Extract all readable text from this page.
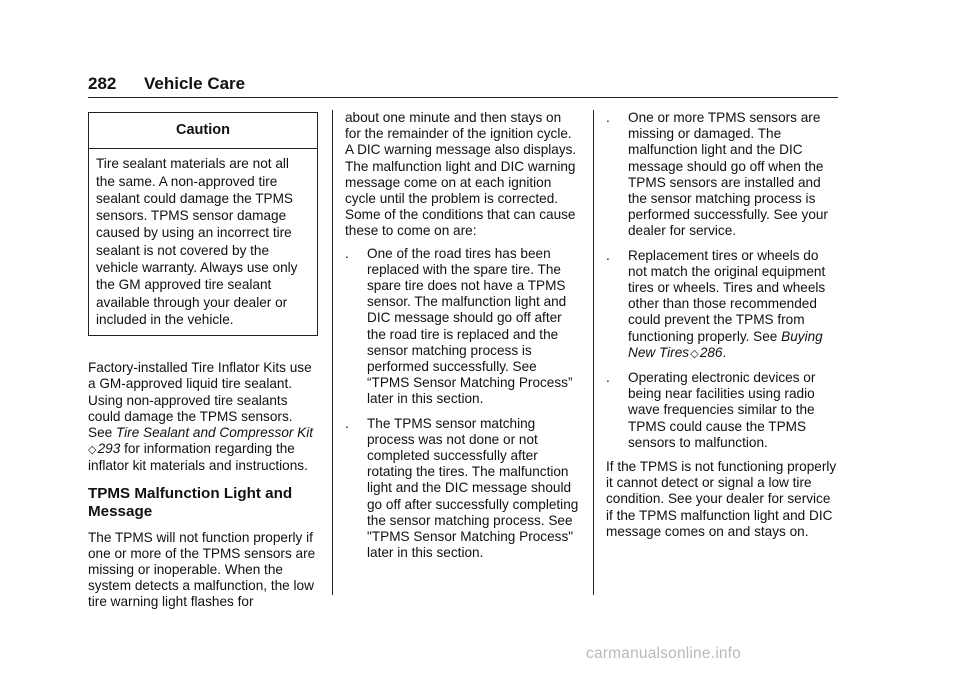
282 Vehicle Care
Caution
Tire sealant materials are not all the same. A non-approved tire sealant could damage the TPMS sensors. TPMS sensor damage caused by using an incorrect tire sealant is not covered by the vehicle warranty. Always use only the GM approved tire sealant available through your dealer or included in the vehicle.

Factory-installed Tire Inflator Kits use a GM-approved liquid tire sealant. Using non-approved tire sealants could damage the TPMS sensors. See Tire Sealant and Compressor Kit ◇ 293 for information regarding the inflator kit materials and instructions.

TPMS Malfunction Light and Message

The TPMS will not function properly if one or more of the TPMS sensors are missing or inoperable. When the system detects a malfunction, the low tire warning light flashes for

about one minute and then stays on for the remainder of the ignition cycle. A DIC warning message also displays. The malfunction light and DIC warning message come on at each ignition cycle until the problem is corrected. Some of the conditions that can cause these to come on are:

. One of the road tires has been replaced with the spare tire. The spare tire does not have a TPMS sensor. The malfunction light and DIC message should go off after the road tire is replaced and the sensor matching process is performed successfully. See “TPMS Sensor Matching Process” later in this section.
. The TPMS sensor matching process was not done or not completed successfully after rotating the tires. The malfunction light and the DIC message should go off after successfully completing the sensor matching process. See "TPMS Sensor Matching Process" later in this section.
. One or more TPMS sensors are missing or damaged. The malfunction light and the DIC message should go off when the TPMS sensors are installed and the sensor matching process is performed successfully. See your dealer for service.
. Replacement tires or wheels do not match the original equipment tires or wheels. Tires and wheels other than those recommended could prevent the TPMS from functioning properly. See Buying New Tires ◇ 286.
. Operating electronic devices or being near facilities using radio wave frequencies similar to the TPMS could cause the TPMS sensors to malfunction.

If the TPMS is not functioning properly it cannot detect or signal a low tire condition. See your dealer for service if the TPMS malfunction light and DIC message comes on and stays on.

carmanualsonline.info
